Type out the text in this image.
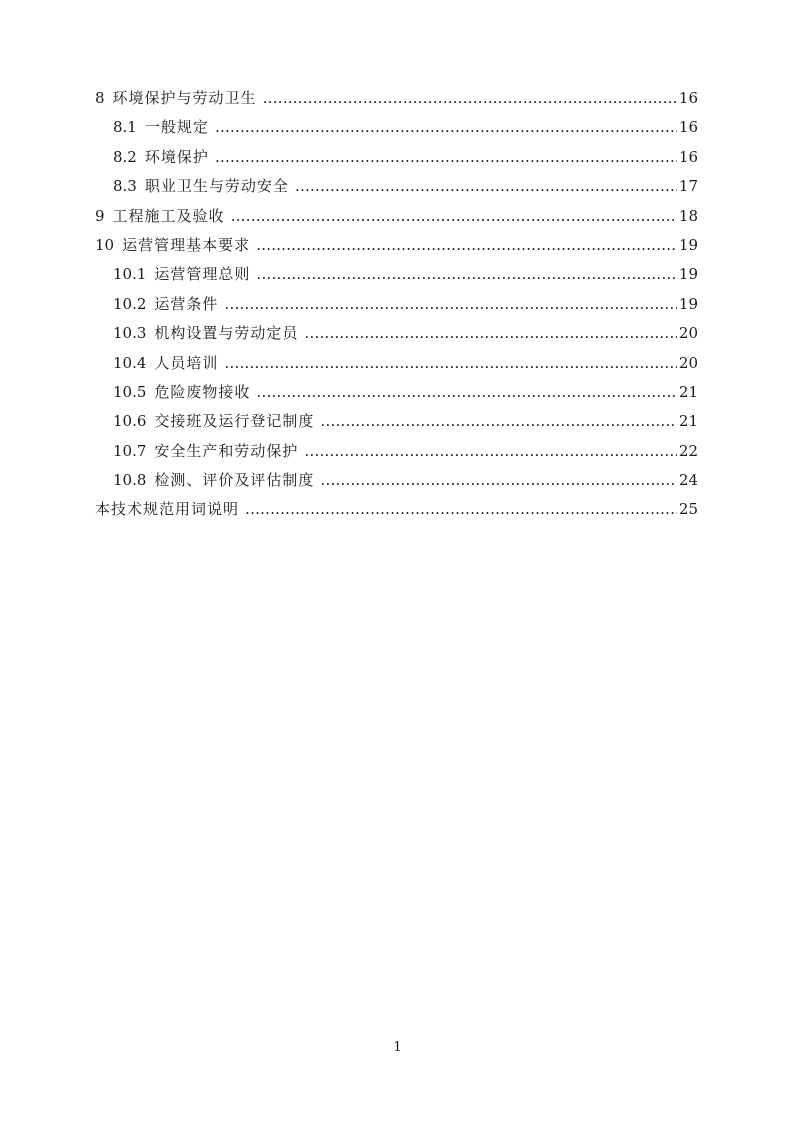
8 环境保护与劳动卫生 ……………………………………………………………………………………………………………………………………………………	16
8.1 一般规定 ……………………………………………………………………………………………………………………………………………………	16
8.2 环境保护 ……………………………………………………………………………………………………………………………………………………	16
8.3 职业卫生与劳动安全 ……………………………………………………………………………………………………………………………………………………	17
9 工程施工及验收 ……………………………………………………………………………………………………………………………………………………	18
10 运营管理基本要求 ……………………………………………………………………………………………………………………………………………………	19
10.1 运营管理总则 ……………………………………………………………………………………………………………………………………………………	19
10.2 运营条件 ……………………………………………………………………………………………………………………………………………………	19
10.3 机构设置与劳动定员 ……………………………………………………………………………………………………………………………………………………	20
10.4 人员培训 ……………………………………………………………………………………………………………………………………………………	20
10.5 危险废物接收 ……………………………………………………………………………………………………………………………………………………	21
10.6 交接班及运行登记制度 ……………………………………………………………………………………………………………………………………………………	21
10.7 安全生产和劳动保护 ……………………………………………………………………………………………………………………………………………………	22
10.8 检测、评价及评估制度 ……………………………………………………………………………………………………………………………………………………	24
本技术规范用词说明 ……………………………………………………………………………………………………………………………………………………	25
1
